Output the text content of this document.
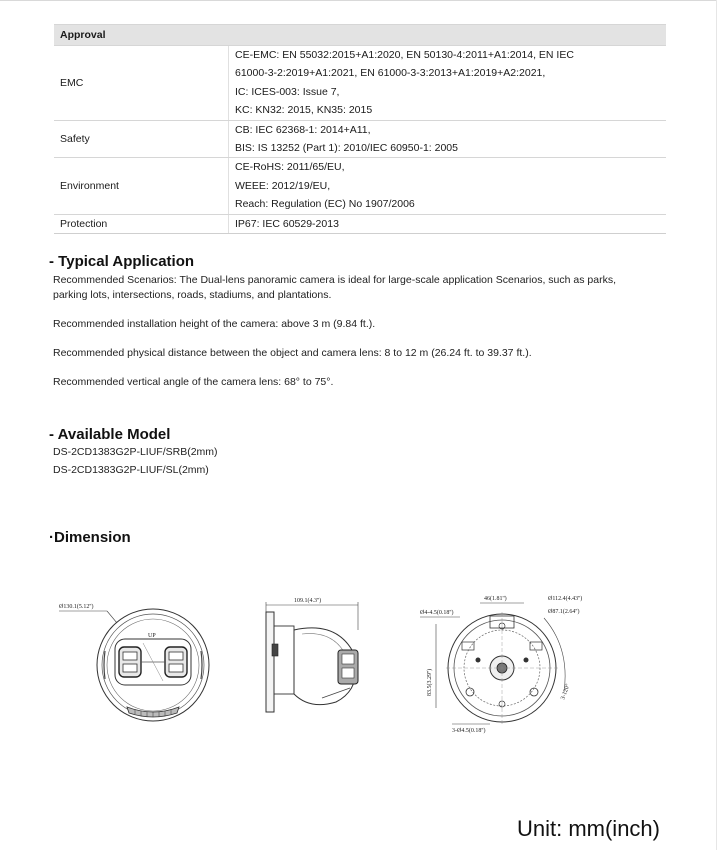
Approval	
EMC	CE-EMC: EN 55032:2015+A1:2020, EN 50130-4:2011+A1:2014, EN IEC
61000-3-2:2019+A1:2021, EN 61000-3-3:2013+A1:2019+A2:2021,
IC: ICES-003: Issue 7,
KC: KN32: 2015, KN35: 2015

Safety	CB: IEC 62368-1: 2014+A11,
BIS: IS 13252 (Part 1): 2010/IEC 60950-1: 2005

Environment	CE-RoHS: 2011/65/EU,
WEEE: 2012/19/EU,
Reach: Regulation (EC) No 1907/2006

Protection	IP67: IEC 60529-2013
- Typical Application
Recommended Scenarios: The Dual-lens panoramic camera is ideal for large-scale application Scenarios, such as parks, parking lots, intersections, roads, stadiums, and plantations.
Recommended installation height of the camera: above 3 m (9.84 ft.).
Recommended physical distance between the object and camera lens: 8 to 12 m (26.24 ft. to 39.37 ft.).
Recommended vertical angle of the camera lens: 68° to 75°.
- Available Model
DS-2CD1383G2P-LIUF/SRB(2mm)
DS-2CD1383G2P-LIUF/SL(2mm)
·Dimension
Ø130.1(5.12'')
UP
109.1(4.3'')	46(1.81'')	Ø112.4(4.43'')
Ø87.1(2.64'')
Ø4-4.5(0.18'')
83.5(3.29'')	3-120°
3-Ø4.5(0.18'')
Unit: mm(inch)
